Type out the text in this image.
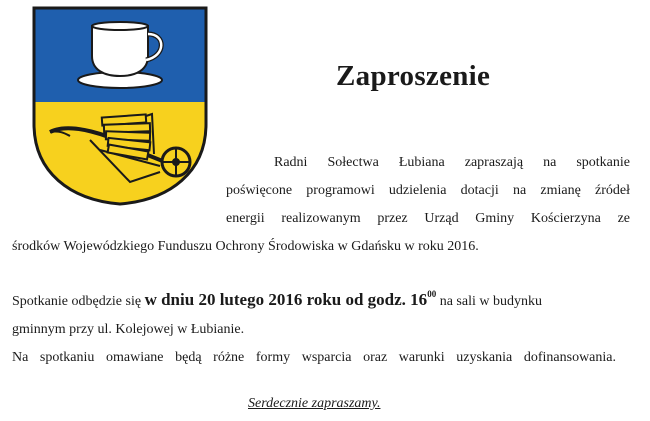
Zaproszenie
Radni Sołectwa Łubiana zapraszają na spotkanie
poświęcone programowi udzielenia dotacji na zmianę źródeł
energii realizowanym przez Urząd Gminy Kościerzyna ze
środków Wojewódzkiego Funduszu Ochrony Środowiska w Gdańsku w roku 2016.
Spotkanie odbędzie się w dniu 20 lutego 2016 roku od godz. $16^{00}$ na sali w budynku
gminnym przy ul. Kolejowej w Łubianie.
Na spotkaniu omawiane będą różne formy wsparcia oraz warunki uzyskania dofinansowania.
Serdecznie zapraszamy.
